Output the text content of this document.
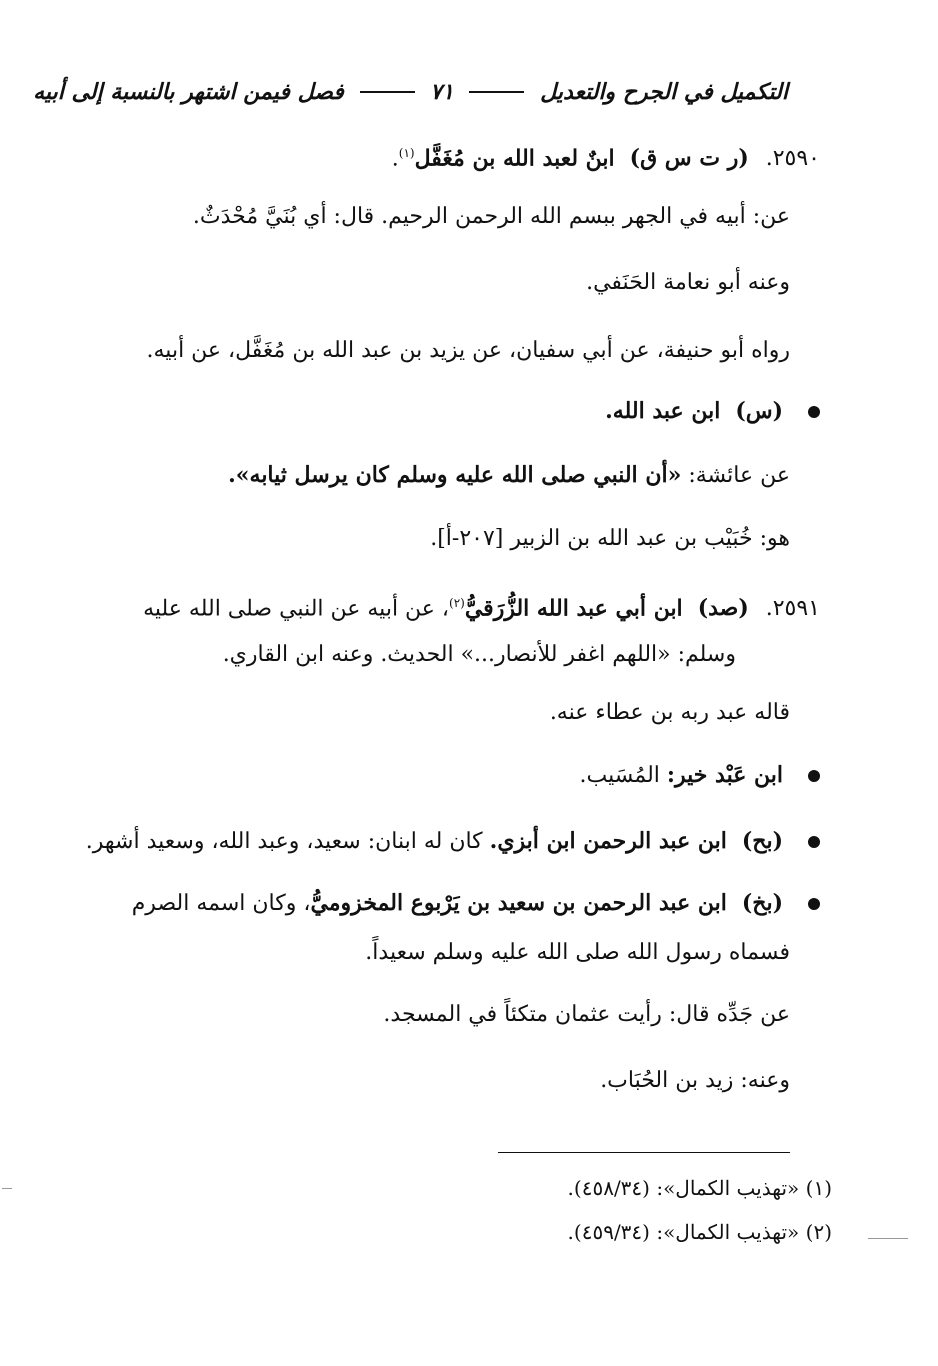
التكميل في الجرح والتعديل  ٧١  فصل فيمن اشتهر بالنسبة إلى أبيه
٢٥٩٠. (ر ت س ق) ابنٌ لعبد الله بن مُغَفَّل$^{(١)}$.
عن: أبيه في الجهر ببسم الله الرحمن الرحيم. قال: أي بُنَيَّ مُحْدَثٌ.
وعنه أبو نعامة الحَنَفي.
رواه أبو حنيفة، عن أبي سفيان، عن يزيد بن عبد الله بن مُغَفَّل، عن أبيه.
(س) ابن عبد الله.
عن عائشة: «أن النبي صلى الله عليه وسلم كان يرسل ثيابه».
هو: خُبَيْب بن عبد الله بن الزبير [٢٠٧-أ].
٢٥٩١. (صد) ابن أبي عبد الله الزُّرَقيُّ$^{(٢)}$، عن أبيه عن النبي صلى الله عليه
وسلم: «اللهم اغفر للأنصار...» الحديث. وعنه ابن القاري.
قاله عبد ربه بن عطاء عنه.
ابن عَبْد خير: المُسَيب.
(بح) ابن عبد الرحمن ابن أبزي. كان له ابنان: سعيد، وعبد الله، وسعيد أشهر.
(بخ) ابن عبد الرحمن بن سعيد بن يَرْبوع المخزوميُّ، وكان اسمه الصرم
فسماه رسول الله صلى الله عليه وسلم سعيداً.
عن جَدِّه قال: رأيت عثمان متكئاً في المسجد.
وعنه: زيد بن الحُبَاب.
(١) «تهذيب الكمال»: (٤٥٨/٣٤).
(٢) «تهذيب الكمال»: (٤٥٩/٣٤).
